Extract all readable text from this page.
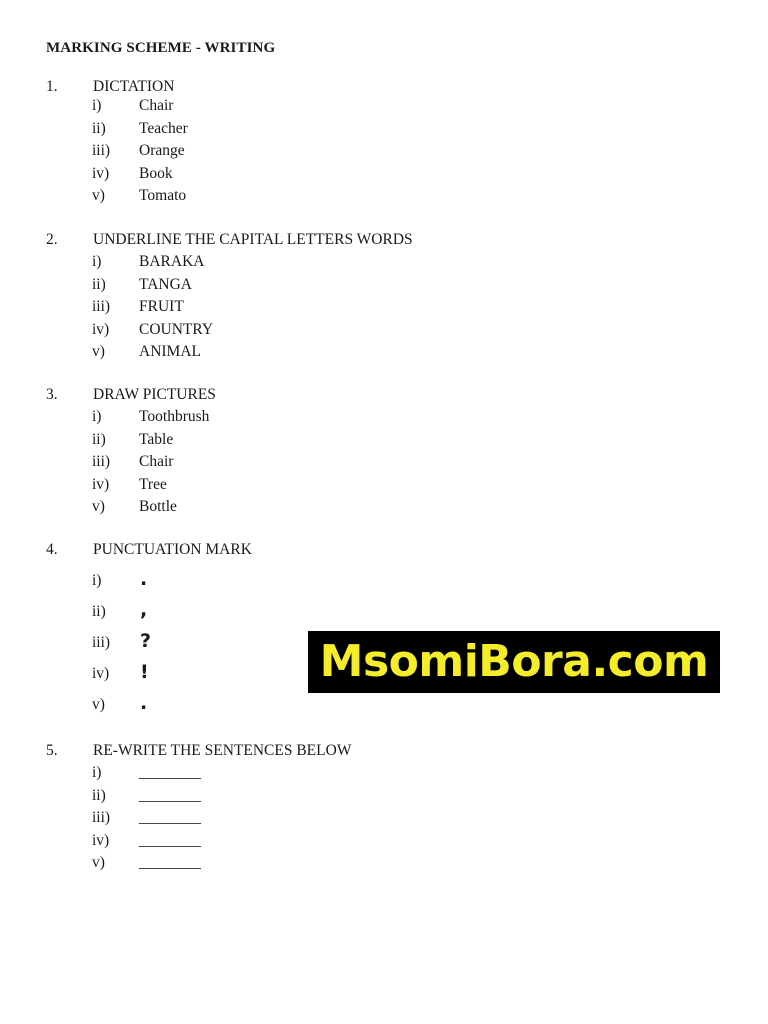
MARKING SCHEME - WRITING
1. DICTATION
i) Chair
ii) Teacher
iii) Orange
iv) Book
v) Tomato
2. UNDERLINE THE CAPITAL LETTERS WORDS
i) BARAKA
ii) TANGA
iii) FRUIT
iv) COUNTRY
v) ANIMAL
3. DRAW PICTURES
i) Toothbrush
ii) Table
iii) Chair
iv) Tree
v) Bottle
4. PUNCTUATION MARK
i) .
ii) ,
iii) ?
iv) !
v) .
MsomiBora.com
5. RE-WRITE THE SENTENCES BELOW
i) ________
ii) ________
iii) ________
iv) ________
v) ________
